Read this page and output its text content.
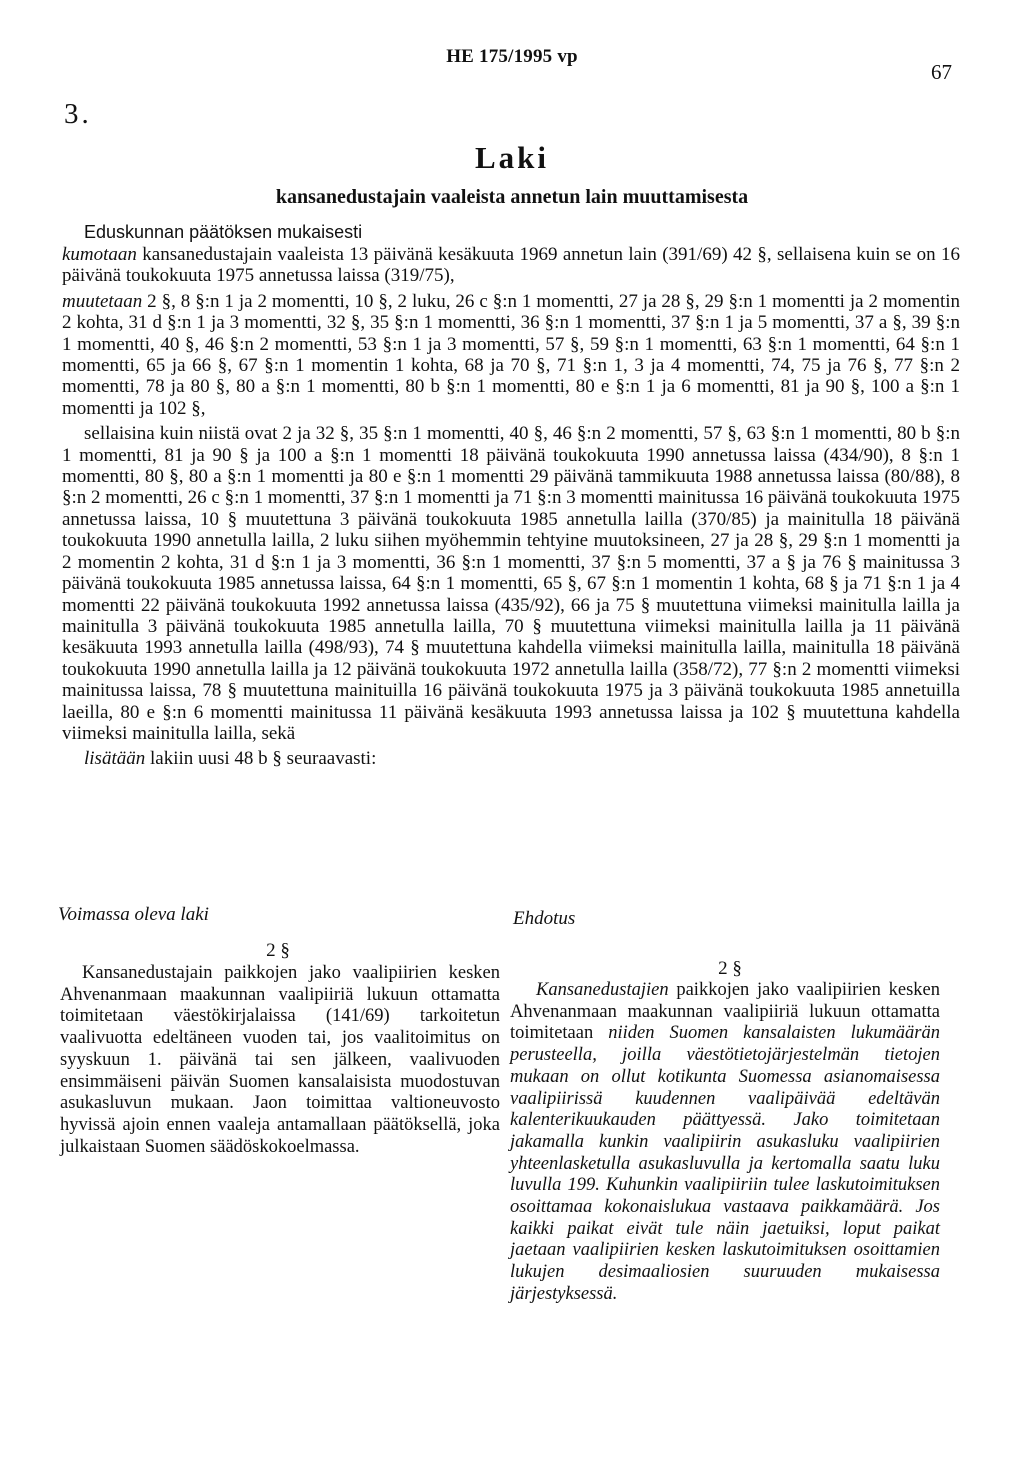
HE 175/1995 vp
67
3.
Laki
kansanedustajain vaaleista annetun lain muuttamisesta
Eduskunnan päätöksen mukaisesti

kumotaan kansanedustajain vaaleista 13 päivänä kesäkuuta 1969 annetun lain (391/69) 42 §, sellaisena kuin se on 16 päivänä toukokuuta 1975 annetussa laissa (319/75),

muutetaan 2 §, 8 §:n 1 ja 2 momentti, 10 §, 2 luku, 26 c §:n 1 momentti, 27 ja 28 §, 29 §:n 1 momentti ja 2 momentin 2 kohta, 31 d §:n 1 ja 3 momentti, 32 §, 35 §:n 1 momentti, 36 §:n 1 momentti, 37 §:n 1 ja 5 momentti, 37 a §, 39 §:n 1 momentti, 40 §, 46 §:n 2 momentti, 53 §:n 1 ja 3 momentti, 57 §, 59 §:n 1 momentti, 63 §:n 1 momentti, 64 §:n 1 momentti, 65 ja 66 §, 67 §:n 1 momentin 1 kohta, 68 ja 70 §, 71 §:n 1, 3 ja 4 momentti, 74, 75 ja 76 §, 77 §:n 2 momentti, 78 ja 80 §, 80 a §:n 1 momentti, 80 b §:n 1 momentti, 80 e §:n 1 ja 6 momentti, 81 ja 90 §, 100 a §:n 1 momentti ja 102 §,

sellaisina kuin niistä ovat 2 ja 32 §, 35 §:n 1 momentti, 40 §, 46 §:n 2 momentti, 57 §, 63 §:n 1 momentti, 80 b §:n 1 momentti, 81 ja 90 § ja 100 a §:n 1 momentti 18 päivänä toukokuuta 1990 annetussa laissa (434/90), 8 §:n 1 momentti, 80 §, 80 a §:n 1 momentti ja 80 e §:n 1 momentti 29 päivänä tammikuuta 1988 annetussa laissa (80/88), 8 §:n 2 momentti, 26 c §:n 1 momentti, 37 §:n 1 momentti ja 71 §:n 3 momentti mainitussa 16 päivänä toukokuuta 1975 annetussa laissa, 10 § muutettuna 3 päivänä toukokuuta 1985 annetulla lailla (370/85) ja mainitulla 18 päivänä toukokuuta 1990 annetulla lailla, 2 luku siihen myöhemmin tehtyine muutoksineen, 27 ja 28 §, 29 §:n 1 momentti ja 2 momentin 2 kohta, 31 d §:n 1 ja 3 momentti, 36 §:n 1 momentti, 37 §:n 5 momentti, 37 a § ja 76 § mainitussa 3 päivänä toukokuuta 1985 annetussa laissa, 64 §:n 1 momentti, 65 §, 67 §:n 1 momentin 1 kohta, 68 § ja 71 §:n 1 ja 4 momentti 22 päivänä toukokuuta 1992 annetussa laissa (435/92), 66 ja 75 § muutettuna viimeksi mainitulla lailla ja mainitulla 3 päivänä toukokuuta 1985 annetulla lailla, 70 § muutettuna viimeksi mainitulla lailla ja 11 päivänä kesäkuuta 1993 annetulla lailla (498/93), 74 § muutettuna kahdella viimeksi mainitulla lailla, mainitulla 18 päivänä toukokuuta 1990 annetulla lailla ja 12 päivänä toukokuuta 1972 annetulla lailla (358/72), 77 §:n 2 momentti viimeksi mainitussa laissa, 78 § muutettuna mainituilla 16 päivänä toukokuuta 1975 ja 3 päivänä toukokuuta 1985 annetuilla laeilla, 80 e §:n 6 momentti mainitussa 11 päivänä kesäkuuta 1993 annetussa laissa ja 102 § muutettuna kahdella viimeksi mainitulla lailla, sekä

lisätään lakiin uusi 48 b § seuraavasti:

Voimassa oleva laki	Ehdotus
2 §
2 §
Kansanedustajain paikkojen jako vaalipiirien kesken Ahvenanmaan maakunnan vaalipiiriä lukuun ottamatta toimitetaan väestökirjalaissa (141/69) tarkoitetun vaalivuotta edeltäneen vuoden tai, jos vaalitoimitus on syyskuun 1. päivänä tai sen jälkeen, vaalivuoden ensimmäiseni päivän Suomen kansalaisista muodostuvan asukasluvun mukaan. Jaon toimittaa valtioneuvosto hyvissä ajoin ennen vaaleja antamallaan päätöksellä, joka julkaistaan Suomen säädöskokoelmassa.
Kansanedustajien paikkojen jako vaalipiirien kesken Ahvenanmaan maakunnan vaalipiiriä lukuun ottamatta toimitetaan niiden Suomen kansalaisten lukumäärän perusteella, joilla väestötietojärjestelmän tietojen mukaan on ollut kotikunta Suomessa asianomaisessa vaalipiirissä kuudennen vaalipäivää edeltävän kalenterikuukauden päättyessä. Jako toimitetaan jakamalla kunkin vaalipiirin asukasluku vaalipiirien yhteenlasketulla asukasluvulla ja kertomalla saatu luku luvulla 199. Kuhunkin vaalipiiriin tulee laskutoimituksen osoittamaa kokonaislukua vastaava paikkamäärä. Jos kaikki paikat eivät tule näin jaetuiksi, loput paikat jaetaan vaalipiirien kesken laskutoimituksen osoittamien lukujen desimaaliosien suuruuden mukaisessa järjestyksessä.
